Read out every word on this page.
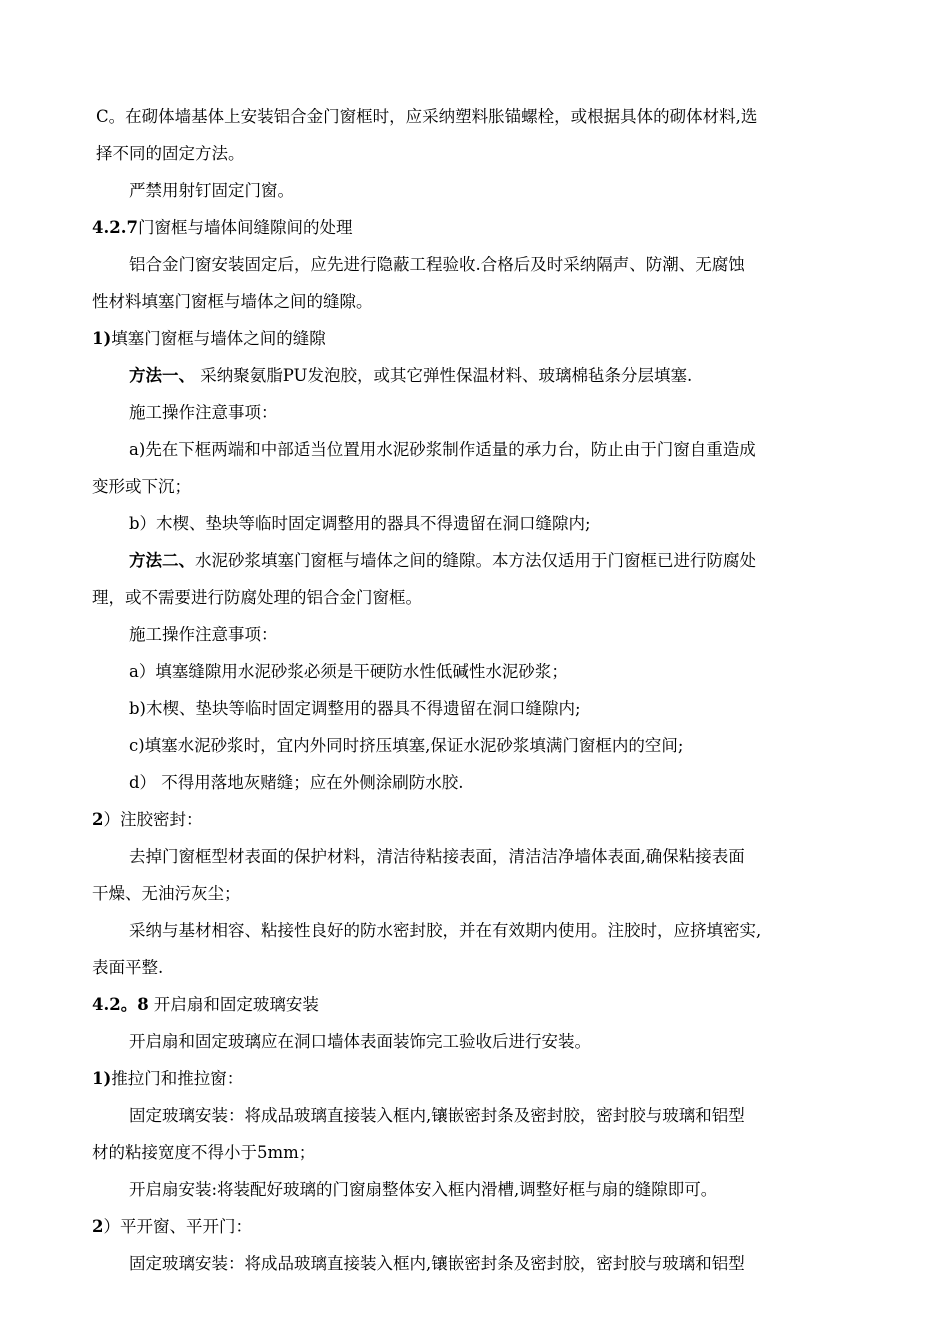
C。在砌体墙基体上安装铝合金门窗框时，应采纳塑料胀锚螺栓，或根据具体的砌体材料,选

择不同的固定方法。

严禁用射钉固定门窗。

4.2.7门窗框与墙体间缝隙间的处理

铝合金门窗安装固定后，应先进行隐蔽工程验收.合格后及时采纳隔声、防潮、无腐蚀

性材料填塞门窗框与墙体之间的缝隙。

1)填塞门窗框与墙体之间的缝隙

方法一、 采纳聚氨脂PU发泡胶，或其它弹性保温材料、玻璃棉毡条分层填塞.

施工操作注意事项：

a)先在下框两端和中部适当位置用水泥砂浆制作适量的承力台，防止由于门窗自重造成

变形或下沉；

b）木楔、垫块等临时固定调整用的器具不得遗留在洞口缝隙内;

方法二、水泥砂浆填塞门窗框与墙体之间的缝隙。本方法仅适用于门窗框已进行防腐处

理，或不需要进行防腐处理的铝合金门窗框。

施工操作注意事项：

a）填塞缝隙用水泥砂浆必须是干硬防水性低碱性水泥砂浆；

b)木楔、垫块等临时固定调整用的器具不得遗留在洞口缝隙内;

c)填塞水泥砂浆时，宜内外同时挤压填塞,保证水泥砂浆填满门窗框内的空间;

d） 不得用落地灰赌缝；应在外侧涂刷防水胶.

2）注胶密封：

去掉门窗框型材表面的保护材料，清洁待粘接表面，清洁洁净墙体表面,确保粘接表面

干燥、无油污灰尘；

采纳与基材相容、粘接性良好的防水密封胶，并在有效期内使用。注胶时，应挤填密实,

表面平整.

4.2。8 开启扇和固定玻璃安装

开启扇和固定玻璃应在洞口墙体表面装饰完工验收后进行安装。

1)推拉门和推拉窗：

固定玻璃安装：将成品玻璃直接装入框内,镶嵌密封条及密封胶，密封胶与玻璃和铝型

材的粘接宽度不得小于5mm；

开启扇安装:将装配好玻璃的门窗扇整体安入框内滑槽,调整好框与扇的缝隙即可。

2）平开窗、平开门：

固定玻璃安装：将成品玻璃直接装入框内,镶嵌密封条及密封胶，密封胶与玻璃和铝型
